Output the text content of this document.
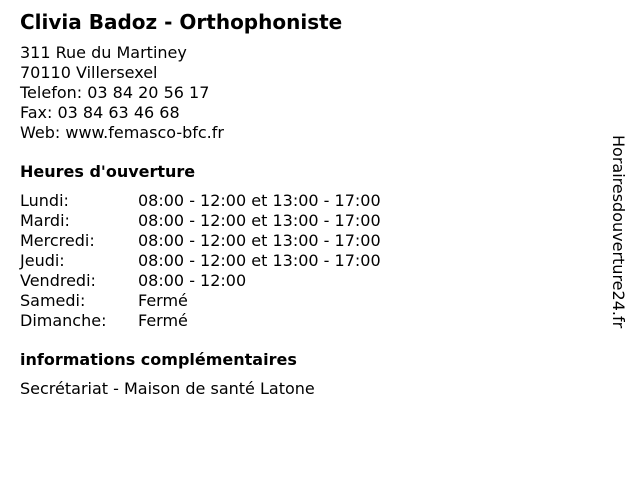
Clivia Badoz - Orthophoniste
311 Rue du Martiney
70110 Villersexel
Telefon: 03 84 20 56 17
Fax: 03 84 63 46 68
Web: www.femasco-bfc.fr
Heures d'ouverture
Lundi:	08:00 - 12:00 et 13:00 - 17:00
Mardi:	08:00 - 12:00 et 13:00 - 17:00
Mercredi:	08:00 - 12:00 et 13:00 - 17:00
Jeudi:	08:00 - 12:00 et 13:00 - 17:00
Vendredi:	08:00 - 12:00
Samedi:	Fermé
Dimanche:	Fermé
informations complémentaires
Secrétariat - Maison de santé Latone
Horairesdouverture24.fr
